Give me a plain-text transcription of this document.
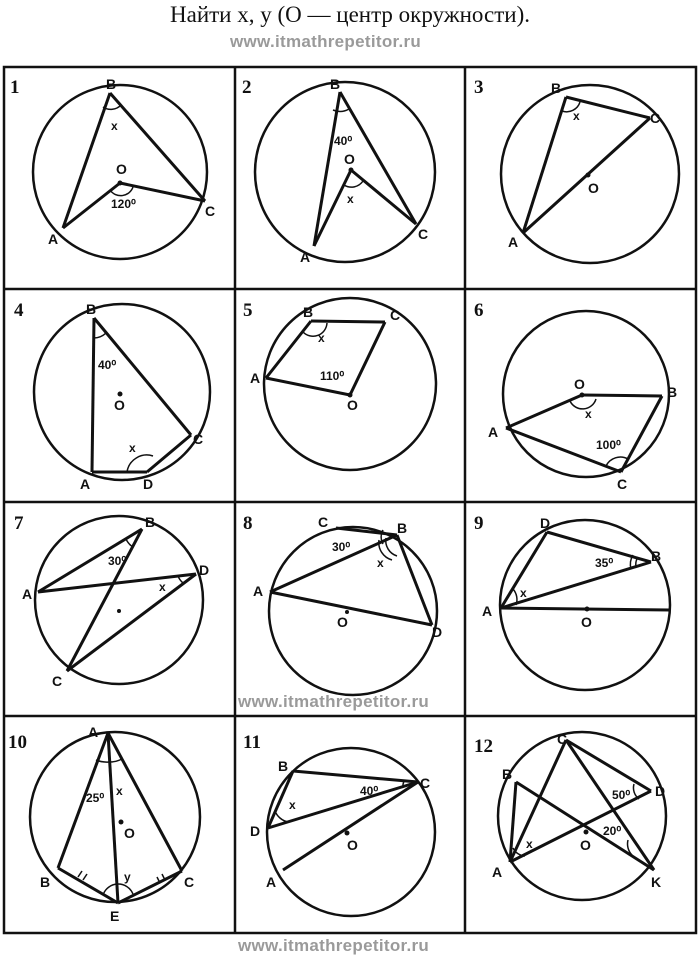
Найти x, y (O — центр окружности).
www.itmathrepetitor.ru
1	B
A
C
O
x
120⁰
2	B
A
C
O
x
40⁰
3	B
A
C
O
x
4	B
A
C
D
O
x
40⁰
5	B
A
C
O
x
110⁰
6
B
A
C
O
x
100⁰
7	B
A
C
D
x
30⁰
8	B
A
C
D
O
x
30⁰
9
B
A
D
O
x
35⁰
10	A
B	C
E
O
x
y
25⁰
11
B
A
C
D
O
x
40⁰
12
B
A
C
D
K
O
x
50⁰
20⁰
www.itmathrepetitor.ru
www.itmathrepetitor.ru
